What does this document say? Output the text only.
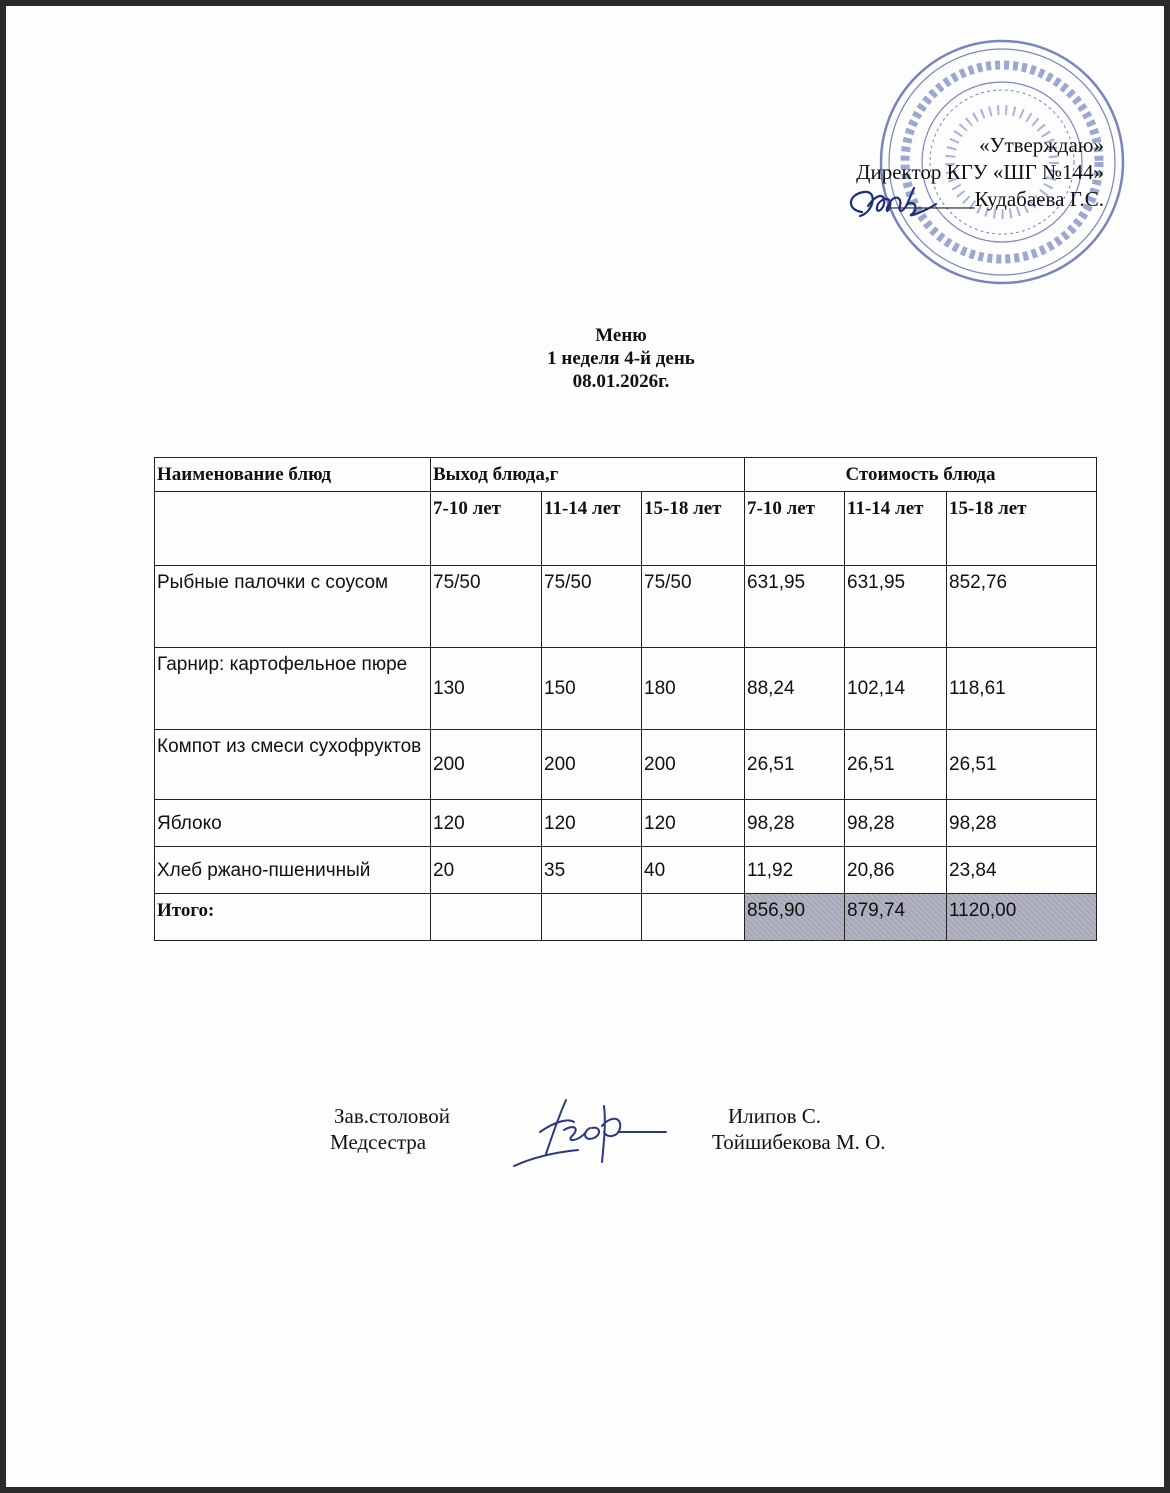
«Утверждаю»
Директор КГУ «ШГ №144»
________Кудабаева Г.С.
Меню
1 неделя 4-й день
08.01.2026г.
Наименование блюд	Выход блюда,г			Стоимость блюда		
	7-10 лет	11-14 лет	15-18 лет	7-10 лет	11-14 лет	15-18 лет
Рыбные палочки с соусом	75/50	75/50	75/50	631,95	631,95	852,76
Гарнир: картофельное пюре	130	150	180	88,24	102,14	118,61
Компот из смеси сухофруктов	200	200	200	26,51	26,51	26,51
Яблоко	120	120	120	98,28	98,28	98,28
Хлеб ржано-пшеничный	20	35	40	11,92	20,86	23,84
Итого:				856,90	879,74	1120,00
Зав.столовой	Илипов С.
Медсестра	Тойшибекова М. О.
